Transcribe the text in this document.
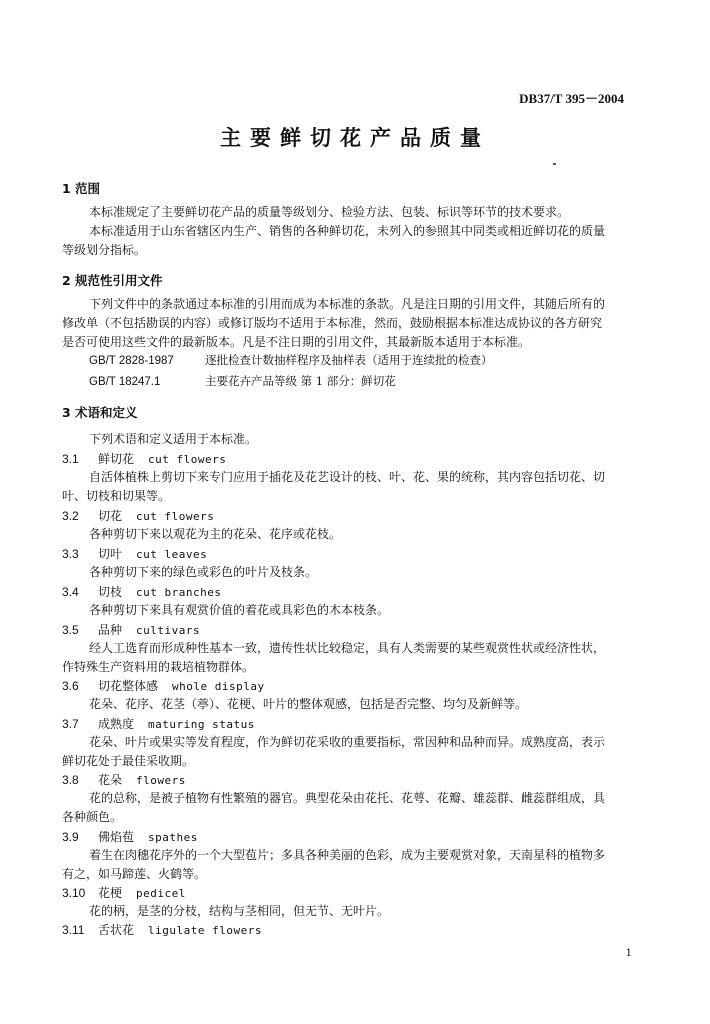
DB37/T 395－2004
主要鲜切花产品质量
1 范围
本标准规定了主要鲜切花产品的质量等级划分、检验方法、包装、标识等环节的技术要求。
本标准适用于山东省辖区内生产、销售的各种鲜切花，未列入的参照其中同类或相近鲜切花的质量
等级划分指标。
2 规范性引用文件
下列文件中的条款通过本标准的引用而成为本标准的条款。凡是注日期的引用文件，其随后所有的
修改单（不包括勘误的内容）或修订版均不适用于本标准，然而，鼓励根据本标准达成协议的各方研究
是否可使用这些文件的最新版本。凡是不注日期的引用文件，其最新版本适用于本标准。
GB/T 2828-1987	逐批检查计数抽样程序及抽样表（适用于连续批的检查）
GB/T 18247.1	主要花卉产品等级 第 1 部分：鲜切花
3 术语和定义
下列术语和定义适用于本标准。
3.1 鲜切花 cut flowers
自活体植株上剪切下来专门应用于插花及花艺设计的枝、叶、花、果的统称，其内容包括切花、切
叶、切枝和切果等。
3.2 切花 cut flowers
各种剪切下来以观花为主的花朵、花序或花枝。
3.3 切叶 cut leaves
各种剪切下来的绿色或彩色的叶片及枝条。
3.4 切枝 cut branches
各种剪切下来具有观赏价值的着花或具彩色的木本枝条。
3.5 品种 cultivars
经人工选育而形成种性基本一致，遗传性状比较稳定，具有人类需要的某些观赏性状或经济性状，
作特殊生产资料用的栽培植物群体。
3.6 切花整体感 whole display
花朵、花序、花茎（葶）、花梗、叶片的整体观感，包括是否完整、均匀及新鲜等。
3.7 成熟度 maturing status
花朵、叶片或果实等发育程度，作为鲜切花采收的重要指标，常因种和品种而异。成熟度高，表示
鲜切花处于最佳采收期。
3.8 花朵 flowers
花的总称，是被子植物有性繁殖的器官。典型花朵由花托、花萼、花瓣、雄蕊群、雌蕊群组成，具
各种颜色。
3.9 佛焰苞 spathes
着生在肉穗花序外的一个大型苞片；多具各种美丽的色彩，成为主要观赏对象，天南星科的植物多
有之，如马蹄莲、火鹤等。
3.10 花梗 pedicel
花的柄，是茎的分枝，结构与茎相同，但无节、无叶片。
3.11 舌状花 ligulate flowers
1
